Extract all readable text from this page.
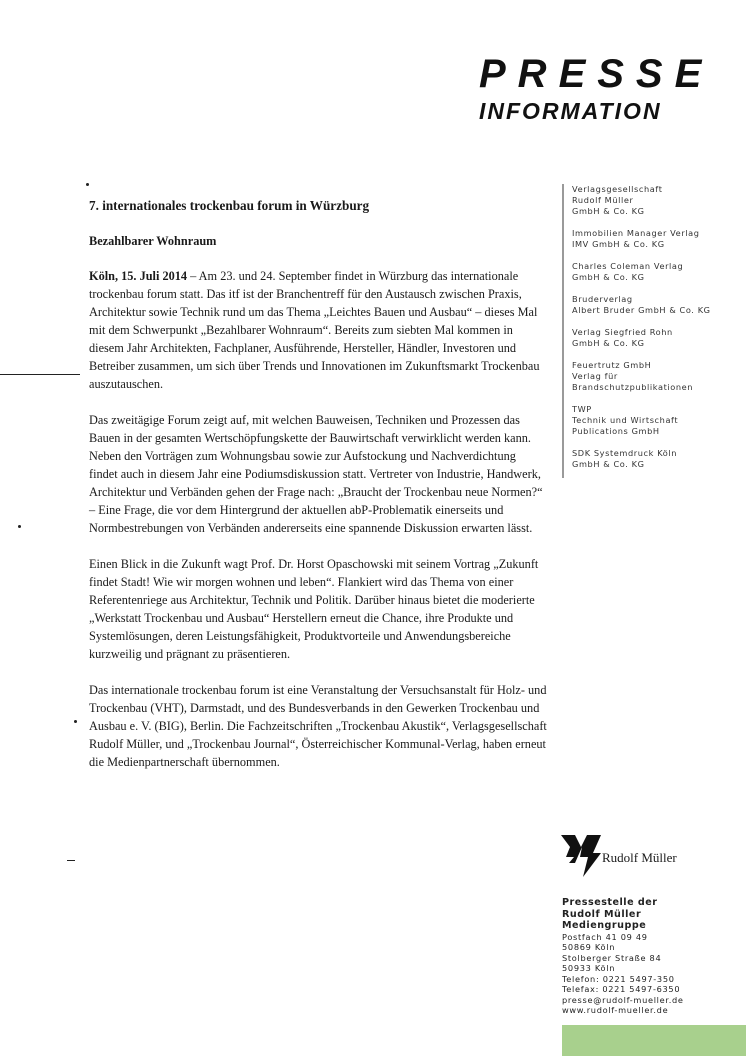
PRESSE
INFORMATION
7. internationales trockenbau forum in Würzburg
Bezahlbarer Wohnraum

Köln, 15. Juli 2014 – Am 23. und 24. September findet in Würzburg das internationale trockenbau forum statt. Das itf ist der Branchentreff für den Austausch zwischen Praxis, Architektur sowie Technik rund um das Thema „Leichtes Bauen und Ausbau“ – dieses Mal mit dem Schwerpunkt „Bezahlbarer Wohnraum“. Bereits zum siebten Mal kommen in diesem Jahr Architekten, Fachplaner, Ausführende, Hersteller, Händler, Investoren und Betreiber zusammen, um sich über Trends und Innovationen im Zukunftsmarkt Trockenbau auszutauschen.

Das zweitägige Forum zeigt auf, mit welchen Bauweisen, Techniken und Prozessen das Bauen in der gesamten Wertschöpfungskette der Bauwirtschaft verwirklicht werden kann. Neben den Vorträgen zum Wohnungsbau sowie zur Aufstockung und Nachverdichtung findet auch in diesem Jahr eine Podiumsdiskussion statt. Vertreter von Industrie, Handwerk, Architektur und Verbänden gehen der Frage nach: „Braucht der Trockenbau neue Normen?“ – Eine Frage, die vor dem Hintergrund der aktuellen abP-Problematik einerseits und Normbestrebungen von Verbänden andererseits eine spannende Diskussion erwarten lässt.

Einen Blick in die Zukunft wagt Prof. Dr. Horst Opaschowski mit seinem Vortrag „Zukunft findet Stadt! Wie wir morgen wohnen und leben“. Flankiert wird das Thema von einer Referentenriege aus Architektur, Technik und Politik. Darüber hinaus bietet die moderierte „Werkstatt Trockenbau und Ausbau“ Herstellern erneut die Chance, ihre Produkte und Systemlösungen, deren Leistungsfähigkeit, Produktvorteile und Anwendungsbereiche kurzweilig und prägnant zu präsentieren.

Das internationale trockenbau forum ist eine Veranstaltung der Versuchsanstalt für Holz- und Trockenbau (VHT), Darmstadt, und des Bundesverbands in den Gewerken Trockenbau und Ausbau e. V. (BIG), Berlin. Die Fachzeitschriften „Trockenbau Akustik“, Verlagsgesellschaft Rudolf Müller, und „Trockenbau Journal“, Österreichischer Kommunal-Verlag, haben erneut die Medienpartnerschaft übernommen.

Verlagsgesellschaft
Rudolf Müller
GmbH & Co. KG
Immobilien Manager Verlag
IMV GmbH & Co. KG
Charles Coleman Verlag
GmbH & Co. KG
Bruderverlag
Albert Bruder GmbH & Co. KG
Verlag Siegfried Rohn
GmbH & Co. KG
Feuertrutz GmbH
Verlag für
Brandschutzpublikationen
TWP
Technik und Wirtschaft
Publications GmbH
SDK Systemdruck Köln
GmbH & Co. KG
Rudolf Müller
Pressestelle der
Rudolf Müller
Mediengruppe
Postfach 41 09 49
50869 Köln
Stolberger Straße 84
50933 Köln
Telefon: 0221 5497-350
Telefax: 0221 5497-6350
presse@rudolf-mueller.de
www.rudolf-mueller.de
